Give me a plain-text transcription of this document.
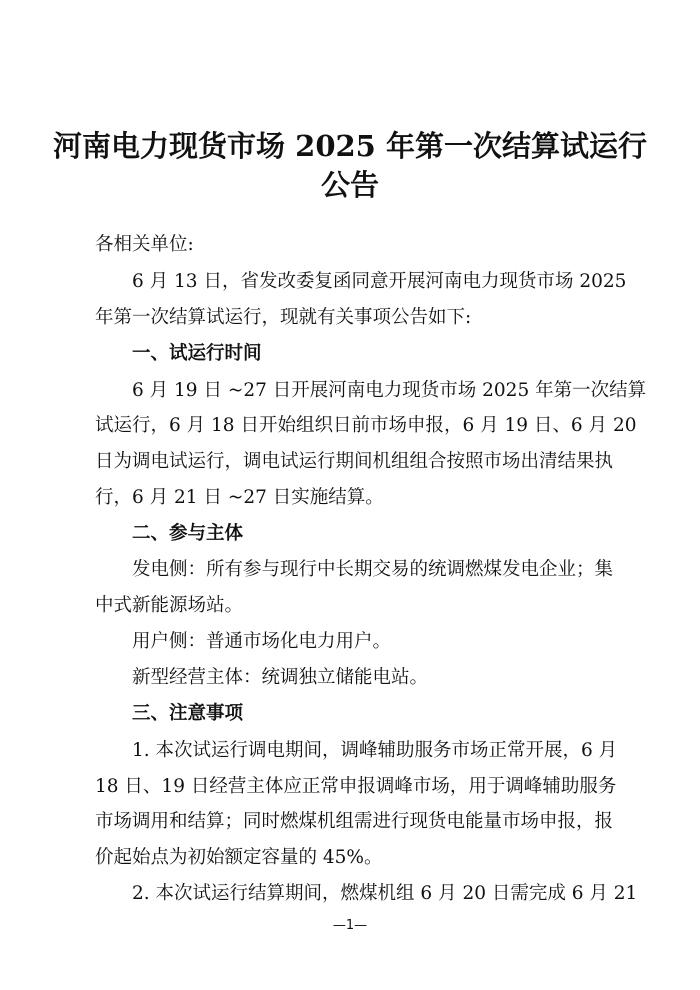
河南电力现货市场 2025 年第一次结算试运行
公告
各相关单位:
6 月 13 日，省发改委复函同意开展河南电力现货市场 2025
年第一次结算试运行，现就有关事项公告如下:
一、试运行时间
6 月 19 日 ~27 日开展河南电力现货市场 2025 年第一次结算
试运行，6 月 18 日开始组织日前市场申报，6 月 19 日、6 月 20
日为调电试运行，调电试运行期间机组组合按照市场出清结果执
行，6 月 21 日 ~27 日实施结算。
二、参与主体
发电侧：所有参与现行中长期交易的统调燃煤发电企业；集
中式新能源场站。
用户侧：普通市场化电力用户。
新型经营主体：统调独立储能电站。
三、注意事项
1. 本次试运行调电期间，调峰辅助服务市场正常开展，6 月
18 日、19 日经营主体应正常申报调峰市场，用于调峰辅助服务
市场调用和结算；同时燃煤机组需进行现货电能量市场申报，报
价起始点为初始额定容量的 45%。
2. 本次试运行结算期间，燃煤机组 6 月 20 日需完成 6 月 21
—1—
